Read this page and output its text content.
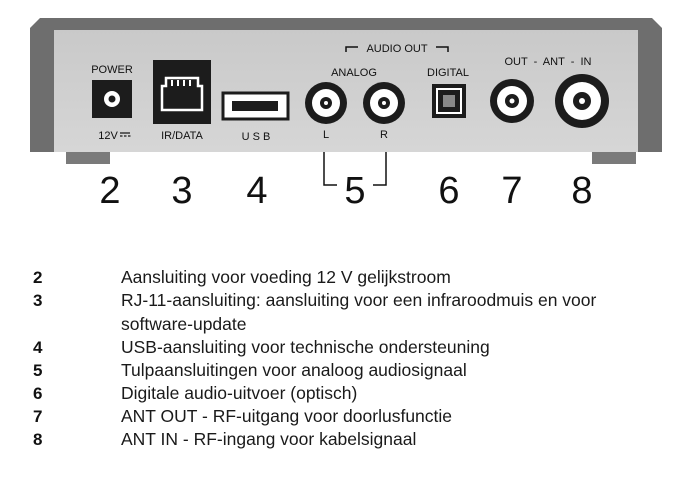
POWER
12V	IR/DATA	U S B
AUDIO OUT
ANALOG	DIGITAL
L	R
OUT  -  ANT  -  IN
2 3 4 5 6 7 8
2	Aansluiting voor voeding 12 V gelijkstroom
3	RJ-11-aansluiting: aansluiting voor een infraroodmuis en voor software-update
4	USB-aansluiting voor technische ondersteuning
5	Tulpaansluitingen voor analoog audiosignaal
6	Digitale audio-uitvoer (optisch)
7	ANT OUT - RF-uitgang voor doorlusfunctie
8	ANT IN - RF-ingang voor kabelsignaal
